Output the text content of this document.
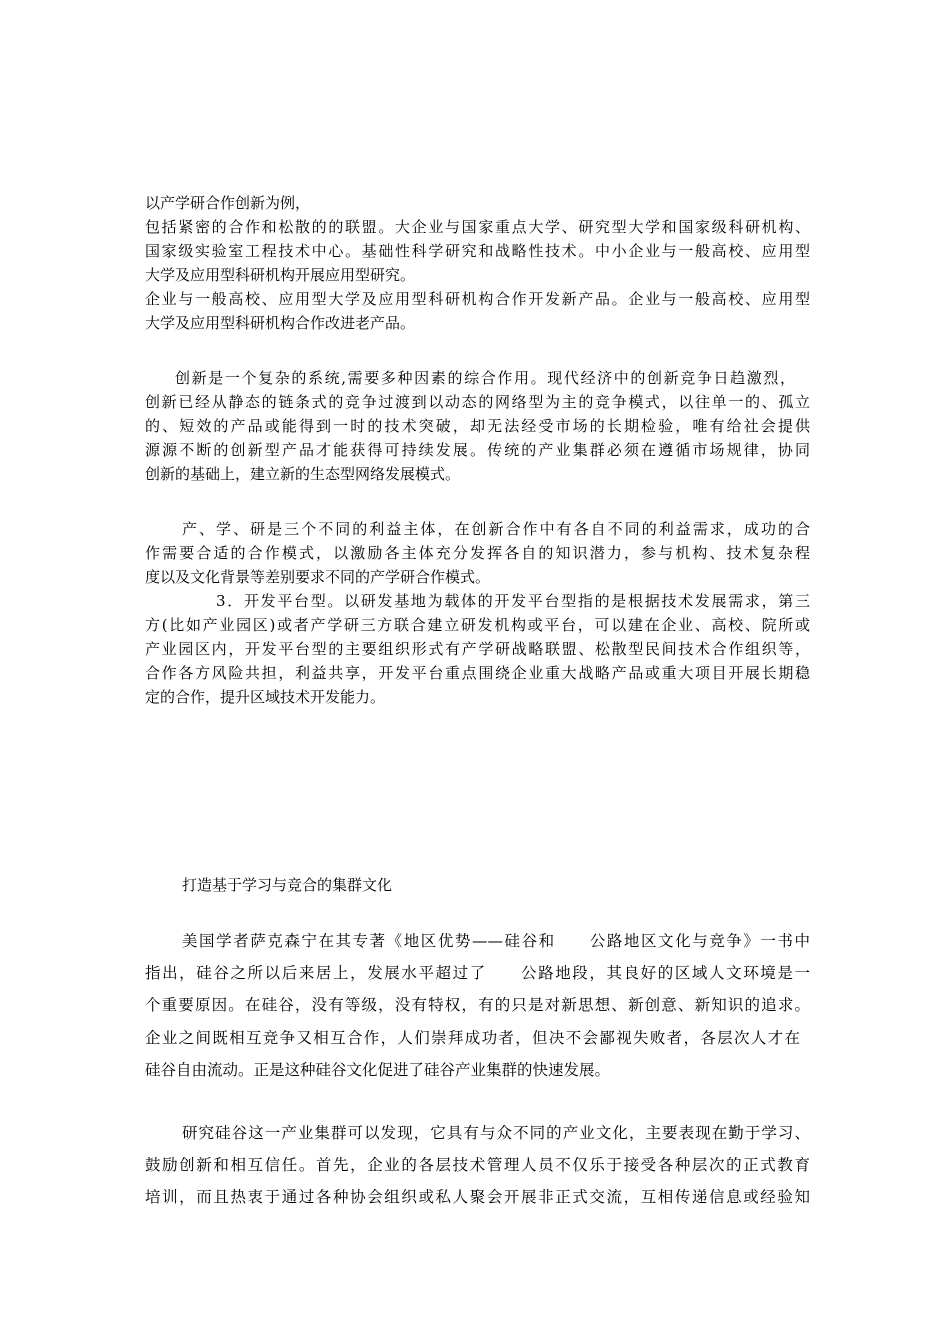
以产学研合作创新为例，
包括紧密的合作和松散的的联盟。大企业与国家重点大学、研究型大学和国家级科研机构、
国家级实验室工程技术中心。基础性科学研究和战略性技术。中小企业与一般高校、应用型
大学及应用型科研机构开展应用型研究。
企业与一般高校、应用型大学及应用型科研机构合作开发新产品。企业与一般高校、应用型
大学及应用型科研机构合作改进老产品。
创新是一个复杂的系统,需要多种因素的综合作用。现代经济中的创新竞争日趋激烈，
创新已经从静态的链条式的竞争过渡到以动态的网络型为主的竞争模式，以往单一的、孤立
的、短效的产品或能得到一时的技术突破，却无法经受市场的长期检验，唯有给社会提供
源源不断的创新型产品才能获得可持续发展。传统的产业集群必须在遵循市场规律，协同
创新的基础上，建立新的生态型网络发展模式。
产、学、研是三个不同的利益主体，在创新合作中有各自不同的利益需求，成功的合
作需要合适的合作模式，以激励各主体充分发挥各自的知识潜力，参与机构、技术复杂程
度以及文化背景等差别要求不同的产学研合作模式。
3．开发平台型。以研发基地为载体的开发平台型指的是根据技术发展需求，第三
方(比如产业园区)或者产学研三方联合建立研发机构或平台，可以建在企业、高校、院所或
产业园区内，开发平台型的主要组织形式有产学研战略联盟、松散型民间技术合作组织等，
合作各方风险共担，利益共享，开发平台重点围绕企业重大战略产品或重大项目开展长期稳
定的合作，提升区域技术开发能力。
打造基于学习与竞合的集群文化
美国学者萨克森宁在其专著《地区优势——硅谷和　　公路地区文化与竞争》一书中
指出，硅谷之所以后来居上，发展水平超过了　　公路地段，其良好的区域人文环境是一
个重要原因。在硅谷，没有等级，没有特权，有的只是对新思想、新创意、新知识的追求。
企业之间既相互竞争又相互合作，人们崇拜成功者，但决不会鄙视失败者，各层次人才在
硅谷自由流动。正是这种硅谷文化促进了硅谷产业集群的快速发展。
研究硅谷这一产业集群可以发现，它具有与众不同的产业文化，主要表现在勤于学习、
鼓励创新和相互信任。首先，企业的各层技术管理人员不仅乐于接受各种层次的正式教育
培训，而且热衷于通过各种协会组织或私人聚会开展非正式交流，互相传递信息或经验知
